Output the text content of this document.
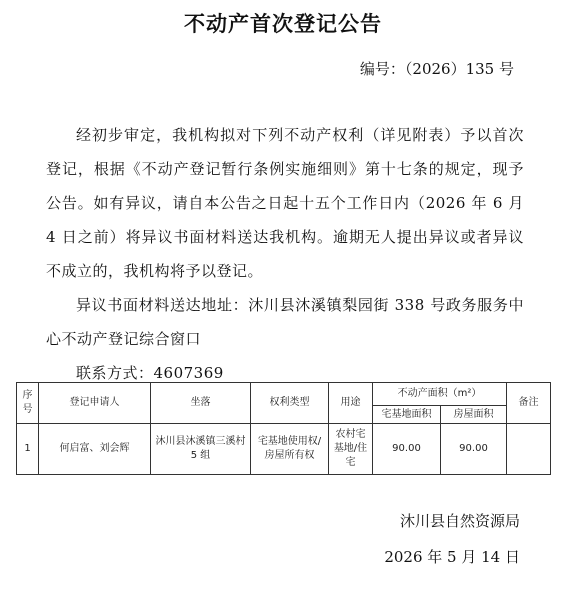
不动产首次登记公告
编号：（2026）135 号

经初步审定，我机构拟对下列不动产权利（详见附表）予以首次登记，根据《不动产登记暂行条例实施细则》第十七条的规定，现予公告。如有异议，请自本公告之日起十五个工作日内（2026 年 6 月 4 日之前）将异议书面材料送达我机构。逾期无人提出异议或者异议不成立的，我机构将予以登记。

异议书面材料送达地址：沐川县沐溪镇梨园街 338 号政务服务中心不动产登记综合窗口

联系方式：4607369

序号	登记申请人	坐落	权利类型	用途	不动产面积（m²）		备注
					宅基地面积	房屋面积	
1	何启富、刘会辉	沐川县沐溪镇三溪村 5 组	宅基地使用权/房屋所有权	农村宅基地/住宅	90.00	90.00	
沐川县自然资源局
2026 年 5 月 14 日
